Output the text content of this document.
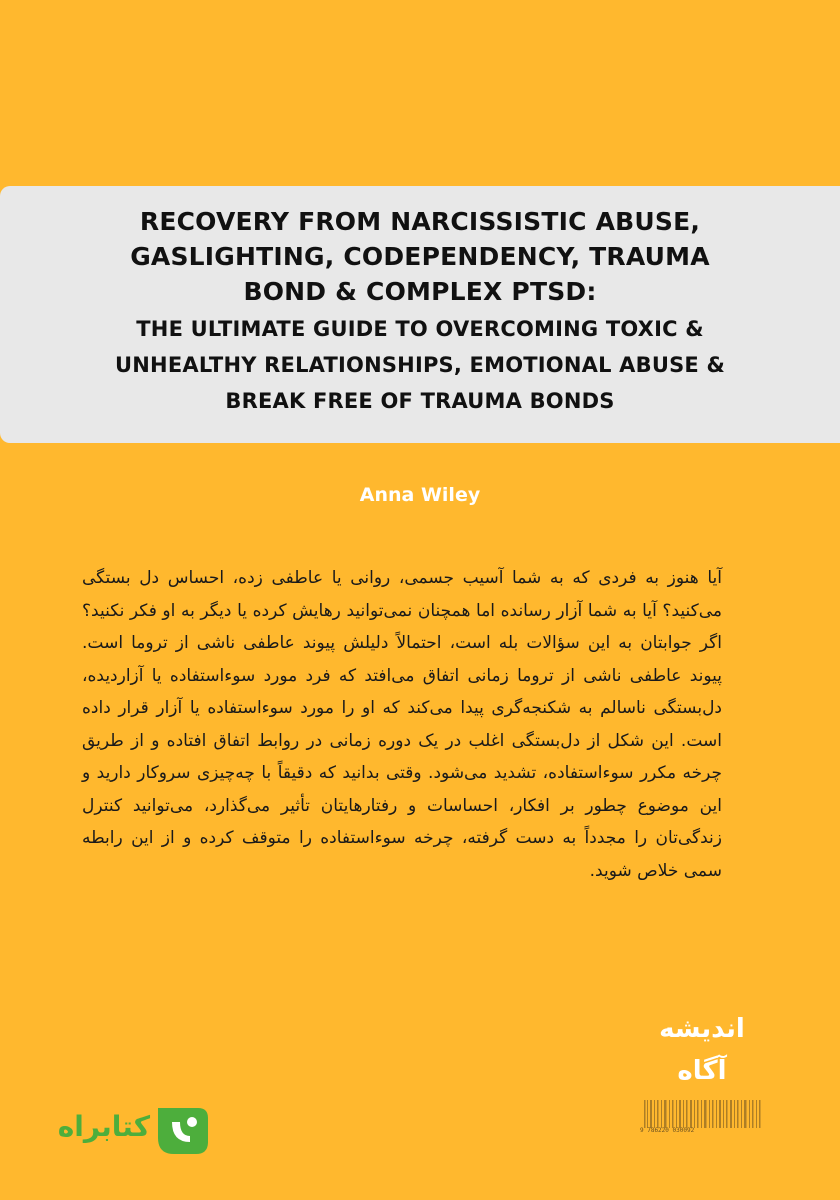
RECOVERY FROM NARCISSISTIC ABUSE,
GASLIGHTING, CODEPENDENCY, TRAUMA
BOND & COMPLEX PTSD:
THE ULTIMATE GUIDE TO OVERCOMING TOXIC &
UNHEALTHY RELATIONSHIPS, EMOTIONAL ABUSE &
BREAK FREE OF TRAUMA BONDS
Anna Wiley
آیا هنوز به فردی که به شما آسیب جسمی، روانی یا عاطفی زده، احساس دل بستگی می‌کنید؟ آیا به شما آزار رسانده اما همچنان نمی‌توانید رهایش کرده یا دیگر به او فکر نکنید؟ اگر جوابتان به این سؤالات بله است، احتمالاً دلیلش پیوند عاطفی ناشی از تروما است. پیوند عاطفی ناشی از تروما زمانی اتفاق می‌افتد که فرد مورد سوءاستفاده یا آزاردیده، دل‌بستگی ناسالم به شکنجه‌گری پیدا می‌کند که او را مورد سوءاستفاده یا آزار قرار داده است. این شکل از دل‌بستگی اغلب در یک دوره زمانی در روابط اتفاق افتاده و از طریق چرخه مکرر سوءاستفاده، تشدید می‌شود. وقتی بدانید که دقیقاً با چه‌چیزی سروکار دارید و این موضوع چطور بر افکار، احساسات و رفتارهایتان تأثیر می‌گذارد، می‌توانید کنترل زندگی‌تان را مجدداً به دست گرفته، چرخه سوءاستفاده را متوقف کرده و از این رابطه سمی خلاص شوید.
اندیشه
آگاه
9 786220 030092
کتابراه
